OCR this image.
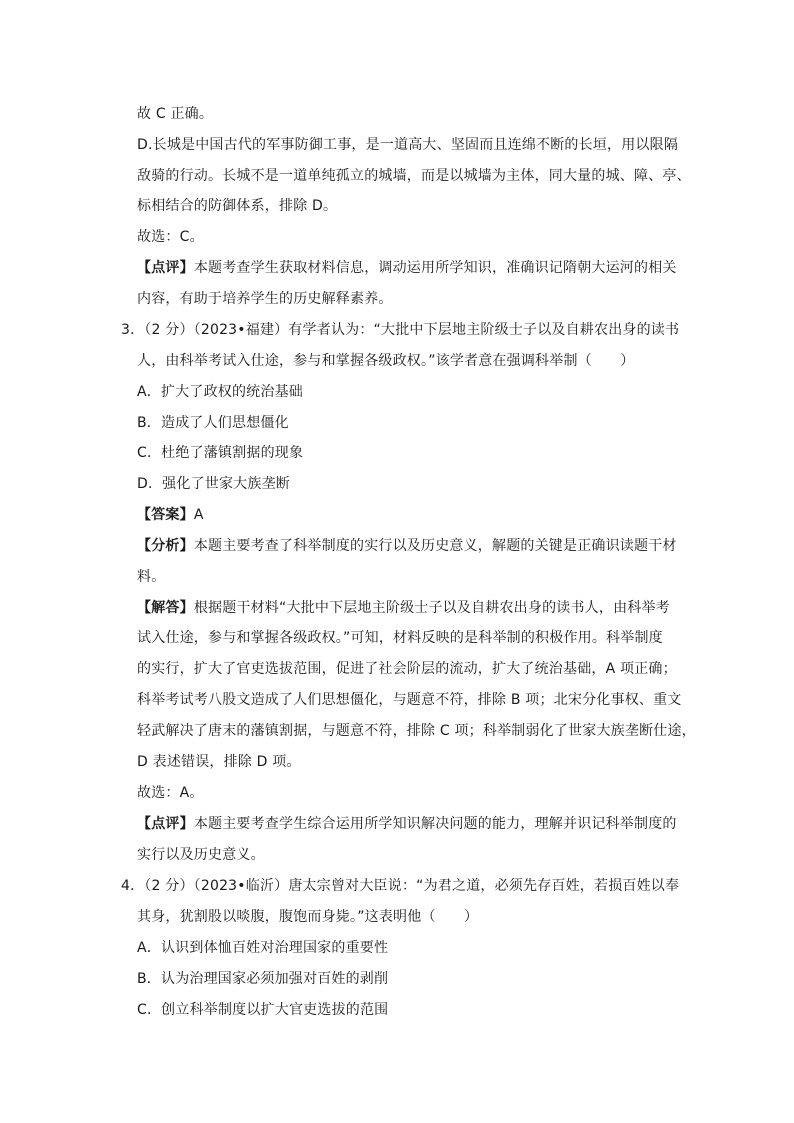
故 C 正确。
D.长城是中国古代的军事防御工事，是一道高大、坚固而且连绵不断的长垣，用以限隔
敌骑的行动。长城不是一道单纯孤立的城墙，而是以城墙为主体，同大量的城、障、亭、
标相结合的防御体系，排除 D。
故选：C。
【点评】本题考查学生获取材料信息，调动运用所学知识，准确识记隋朝大运河的相关
内容，有助于培养学生的历史解释素养。
3．（2 分）（2023•福建）有学者认为：“大批中下层地主阶级士子以及自耕农出身的读书
人，由科举考试入仕途，参与和掌握各级政权。”该学者意在强调科举制（　　）
A．扩大了政权的统治基础
B．造成了人们思想僵化
C．杜绝了藩镇割据的现象
D．强化了世家大族垄断
【答案】A
【分析】本题主要考查了科举制度的实行以及历史意义，解题的关键是正确识读题干材
料。
【解答】根据题干材料“大批中下层地主阶级士子以及自耕农出身的读书人，由科举考
试入仕途，参与和掌握各级政权。”可知，材料反映的是科举制的积极作用。科举制度
的实行，扩大了官吏选拔范围，促进了社会阶层的流动，扩大了统治基础，A 项正确；
科举考试考八股文造成了人们思想僵化，与题意不符，排除 B 项；北宋分化事权、重文
轻武解决了唐末的藩镇割据，与题意不符，排除 C 项；科举制弱化了世家大族垄断仕途，
D 表述错误，排除 D 项。
故选：A。
【点评】本题主要考查学生综合运用所学知识解决问题的能力，理解并识记科举制度的
实行以及历史意义。
4．（2 分）（2023•临沂）唐太宗曾对大臣说：“为君之道，必须先存百姓，若损百姓以奉
其身，犹割股以啖腹，腹饱而身毙。”这表明他（　　）
A．认识到体恤百姓对治理国家的重要性
B．认为治理国家必须加强对百姓的剥削
C．创立科举制度以扩大官吏选拔的范围
